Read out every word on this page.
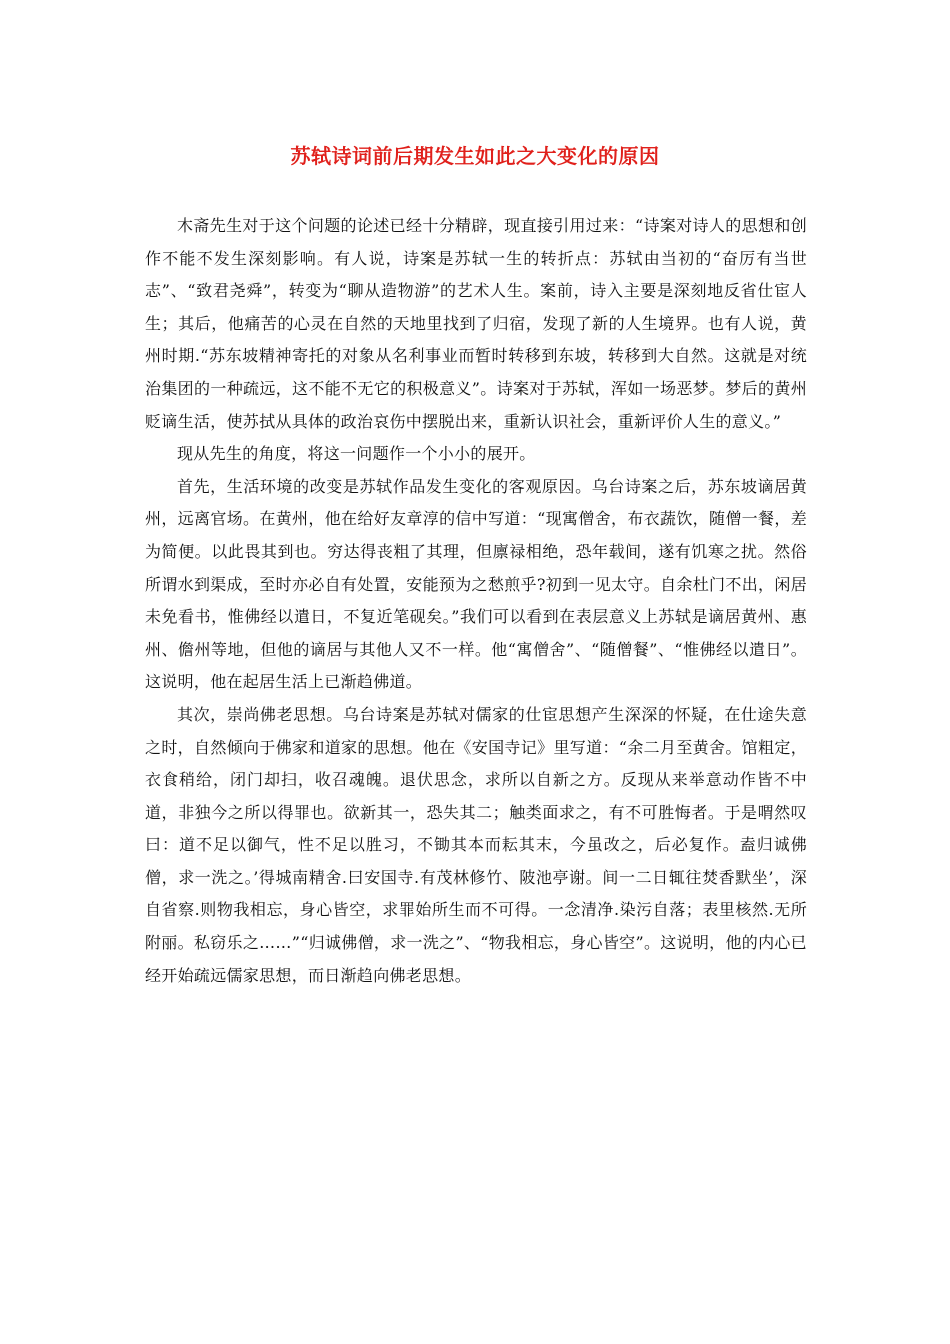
苏轼诗词前后期发生如此之大变化的原因

木斋先生对于这个问题的论述已经十分精辟，现直接引用过来：“诗案对诗人的思想和创作不能不发生深刻影响。有人说，诗案是苏轼一生的转折点：苏轼由当初的“奋厉有当世志”、“致君尧舜”，转变为“聊从造物游”的艺术人生。案前，诗入主要是深刻地反省仕宦人生；其后，他痛苦的心灵在自然的天地里找到了归宿，发现了新的人生境界。也有人说，黄州时期.“苏东坡精神寄托的对象从名利事业而暂时转移到东坡，转移到大自然。这就是对统治集团的一种疏远，这不能不无它的积极意义”。诗案对于苏轼，浑如一场恶梦。梦后的黄州贬谪生活，使苏拭从具体的政治哀伤中摆脱出来，重新认识社会，重新评价人生的意义。”

现从先生的角度，将这一问题作一个小小的展开。

首先，生活环境的改变是苏轼作品发生变化的客观原因。乌台诗案之后，苏东坡谪居黄州，远离官场。在黄州，他在给好友章淳的信中写道：“现寓僧舍，布衣蔬饮，随僧一餐，差为简便。以此畏其到也。穷达得丧粗了其理，但廪禄相绝，恐年载间，遂有饥寒之扰。然俗所谓水到渠成，至时亦必自有处置，安能预为之愁煎乎?初到一见太守。自余杜门不出，闲居未免看书，惟佛经以遣日，不复近笔砚矣。”我们可以看到在表层意义上苏轼是谪居黄州、惠州、儋州等地，但他的谪居与其他人又不一样。他“寓僧舍”、“随僧餐”、“惟佛经以遣日”。这说明，他在起居生活上已渐趋佛道。

其次，崇尚佛老思想。乌台诗案是苏轼对儒家的仕宦思想产生深深的怀疑，在仕途失意之时，自然倾向于佛家和道家的思想。他在《安国寺记》里写道：“余二月至黄舍。馆粗定，衣食稍给，闭门却扫，收召魂魄。退伏思念，求所以自新之方。反现从来举意动作皆不中道，非独今之所以得罪也。欲新其一，恐失其二；触类面求之，有不可胜悔者。于是喟然叹曰：道不足以御气，性不足以胜习，不锄其本而耘其末，今虽改之，后必复作。盍归诚佛僧，求一洗之。’得城南精舍.曰安国寺.有茂林修竹、陂池亭谢。间一二日辄往焚香默坐’，深自省察.则物我相忘，身心皆空，求罪始所生而不可得。一念清净.染污自落；表里核然.无所附丽。私窃乐之……”“归诚佛僧，求一洗之”、“物我相忘，身心皆空”。这说明，他的内心已经开始疏远儒家思想，而日渐趋向佛老思想。
